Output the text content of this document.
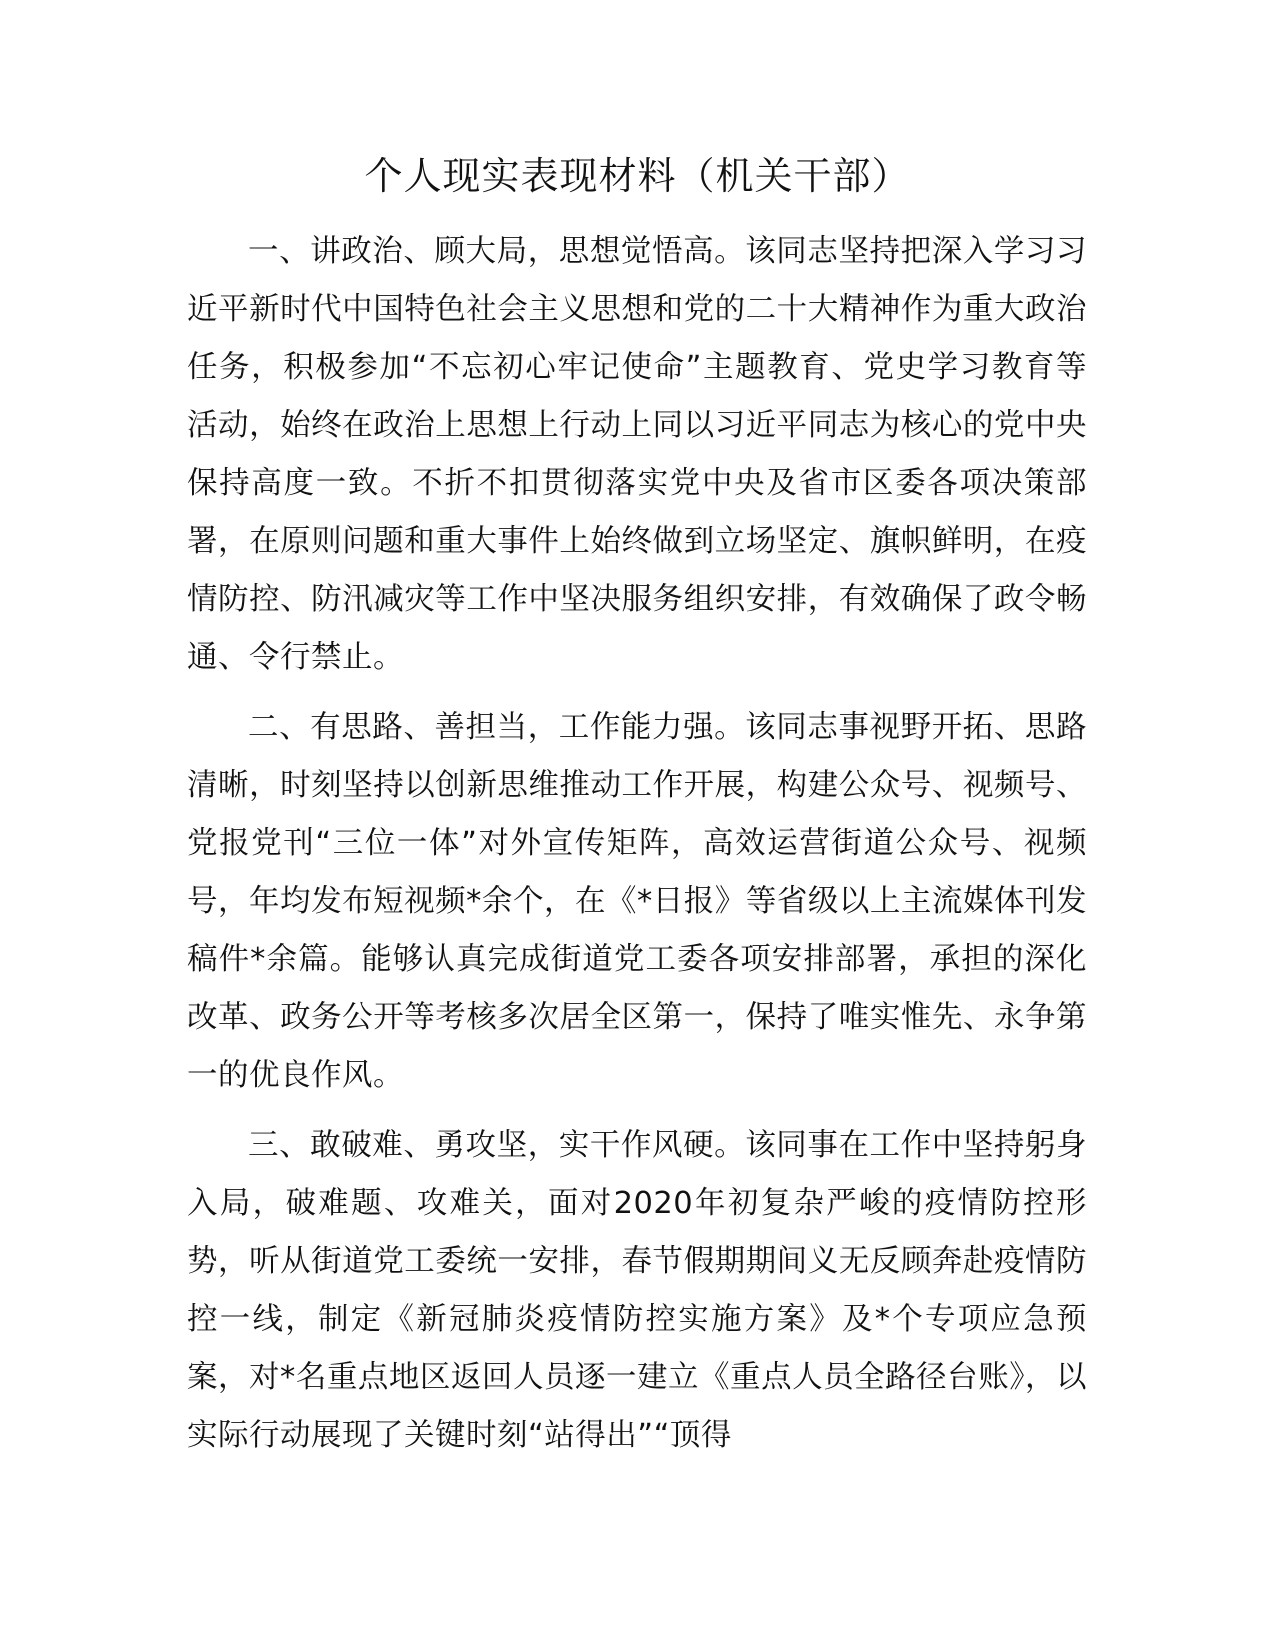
个人现实表现材料（机关干部）

一、讲政治、顾大局，思想觉悟高。该同志坚持把深入学习习近平新时代中国特色社会主义思想和党的二十大精神作为重大政治任务，积极参加“不忘初心牢记使命”主题教育、党史学习教育等活动，始终在政治上思想上行动上同以习近平同志为核心的党中央保持高度一致。不折不扣贯彻落实党中央及省市区委各项决策部署，在原则问题和重大事件上始终做到立场坚定、旗帜鲜明，在疫情防控、防汛减灾等工作中坚决服务组织安排，有效确保了政令畅通、令行禁止。

二、有思路、善担当，工作能力强。该同志事视野开拓、思路清晰，时刻坚持以创新思维推动工作开展，构建公众号、视频号、党报党刊“三位一体”对外宣传矩阵，高效运营街道公众号、视频号，年均发布短视频*余个，在《*日报》等省级以上主流媒体刊发稿件*余篇。能够认真完成街道党工委各项安排部署，承担的深化改革、政务公开等考核多次居全区第一，保持了唯实惟先、永争第一的优良作风。

三、敢破难、勇攻坚，实干作风硬。该同事在工作中坚持躬身入局，破难题、攻难关，面对2020年初复杂严峻的疫情防控形势，听从街道党工委统一安排，春节假期期间义无反顾奔赴疫情防控一线，制定《新冠肺炎疫情防控实施方案》及*个专项应急预案，对*名重点地区返回人员逐一建立《重点人员全路径台账》，以实际行动展现了关键时刻“站得出”“顶得
